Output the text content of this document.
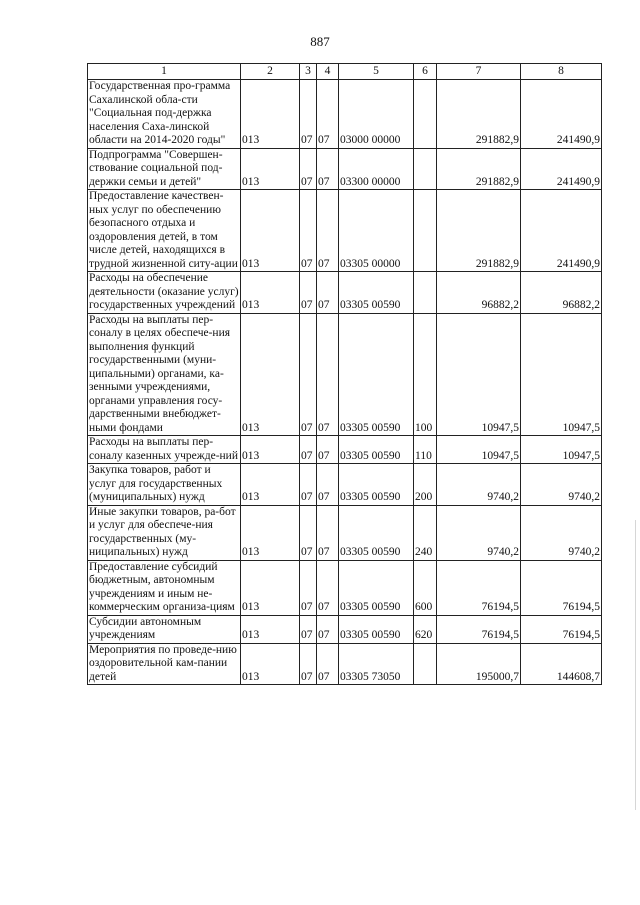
887
1	2	3	4	5	6	7	8
Государственная про-грамма Сахалинской обла-сти "Социальная под-держка населения Саха-линской области на 2014-2020 годы"	013	07	07	03000 00000		291882,9	241490,9
Подпрограмма "Совершен-ствование социальной под-держки семьи и детей"	013	07	07	03300 00000		291882,9	241490,9
Предоставление качествен-ных услуг по обеспечению безопасного отдыха и оздоровления детей, в том числе детей, находящихся в трудной жизненной ситу-ации	013	07	07	03305 00000		291882,9	241490,9
Расходы на обеспечение деятельности (оказание услуг) государственных учреждений	013	07	07	03305 00590		96882,2	96882,2
Расходы на выплаты пер-соналу в целях обеспече-ния выполнения функций государственными (муни-ципальными) органами, ка-зенными учреждениями, органами управления госу-дарственными внебюджет-ными фондами	013	07	07	03305 00590	100	10947,5	10947,5
Расходы на выплаты пер-соналу казенных учрежде-ний	013	07	07	03305 00590	110	10947,5	10947,5
Закупка товаров, работ и услуг для государственных (муниципальных) нужд	013	07	07	03305 00590	200	9740,2	9740,2
Иные закупки товаров, ра-бот и услуг для обеспече-ния государственных (му-ниципальных) нужд	013	07	07	03305 00590	240	9740,2	9740,2
Предоставление субсидий бюджетным, автономным учреждениям и иным не-коммерческим организа-циям	013	07	07	03305 00590	600	76194,5	76194,5
Субсидии автономным учреждениям	013	07	07	03305 00590	620	76194,5	76194,5
Мероприятия по проведе-нию оздоровительной кам-пании детей	013	07	07	03305 73050		195000,7	144608,7
